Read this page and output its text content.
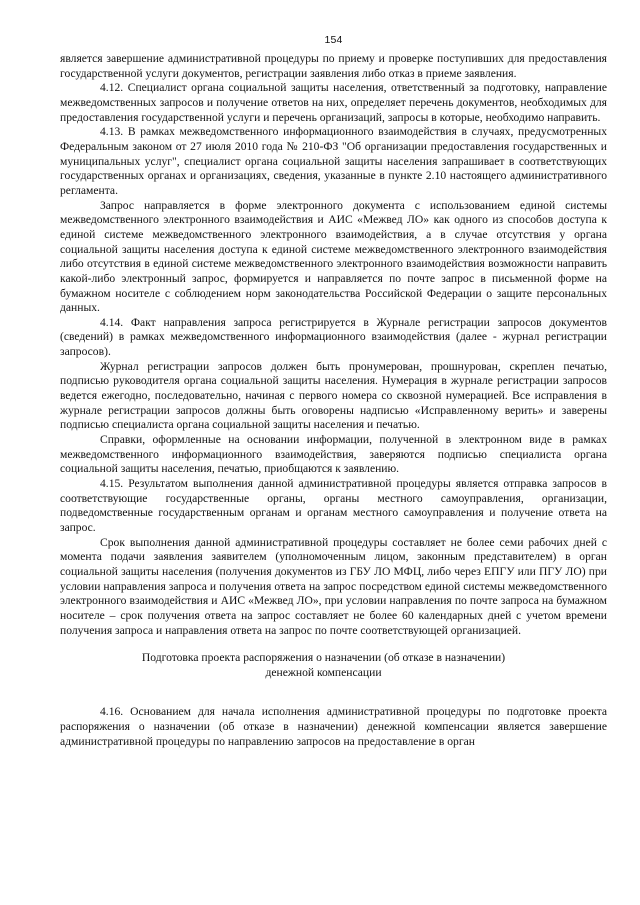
154

является завершение административной процедуры по приему и проверке поступивших для предоставления государственной услуги документов, регистрации заявления либо отказ в приеме заявления.

4.12. Специалист органа социальной защиты населения, ответственный за подготовку, направление межведомственных запросов и получение ответов на них, определяет перечень документов, необходимых для предоставления государственной услуги и перечень организаций, запросы в которые, необходимо направить.

4.13. В рамках межведомственного информационного взаимодействия в случаях, предусмотренных Федеральным законом от 27 июля 2010 года № 210-ФЗ "Об организации предоставления государственных и муниципальных услуг", специалист органа социальной защиты населения запрашивает в соответствующих государственных органах и организациях, сведения, указанные в пункте 2.10 настоящего административного регламента.

Запрос направляется в форме электронного документа с использованием единой системы межведомственного электронного взаимодействия и АИС «Межвед ЛО» как одного из способов доступа к единой системе межведомственного электронного взаимодействия, а в случае отсутствия у органа социальной защиты населения доступа к единой системе межведомственного электронного взаимодействия либо отсутствия в единой системе межведомственного электронного взаимодействия возможности направить какой-либо электронный запрос, формируется и направляется по почте запрос в письменной форме на бумажном носителе с соблюдением норм законодательства Российской Федерации о защите персональных данных.

4.14. Факт направления запроса регистрируется в Журнале регистрации запросов документов (сведений) в рамках межведомственного информационного взаимодействия (далее - журнал регистрации запросов).

Журнал регистрации запросов должен быть пронумерован, прошнурован, скреплен печатью, подписью руководителя органа социальной защиты населения. Нумерация в журнале регистрации запросов ведется ежегодно, последовательно, начиная с первого номера со сквозной нумерацией. Все исправления в журнале регистрации запросов должны быть оговорены надписью «Исправленному верить» и заверены подписью специалиста органа социальной защиты населения и печатью.

Справки, оформленные на основании информации, полученной в электронном виде в рамках межведомственного информационного взаимодействия, заверяются подписью специалиста органа социальной защиты населения, печатью, приобщаются к заявлению.

4.15. Результатом выполнения данной административной процедуры является отправка запросов в соответствующие государственные органы, органы местного самоуправления, организации, подведомственные государственным органам и органам местного самоуправления и получение ответа на запрос.

Срок выполнения данной административной процедуры составляет не более семи рабочих дней с момента подачи заявления заявителем (уполномоченным лицом, законным представителем) в орган социальной защиты населения (получения документов из ГБУ ЛО МФЦ, либо через ЕПГУ или ПГУ ЛО) при условии направления запроса и получения ответа на запрос посредством единой системы межведомственного электронного взаимодействия и АИС «Межвед ЛО», при условии направления по почте запроса на бумажном носителе – срок получения ответа на запрос составляет не более 60 календарных дней с учетом времени получения запроса и направления ответа на запрос по почте соответствующей организацией.

Подготовка проекта распоряжения о назначении (об отказе в назначении)
денежной компенсации

4.16. Основанием для начала исполнения административной процедуры по подготовке проекта распоряжения о назначении (об отказе в назначении) денежной компенсации является завершение административной процедуры по направлению запросов на предоставление в орган
